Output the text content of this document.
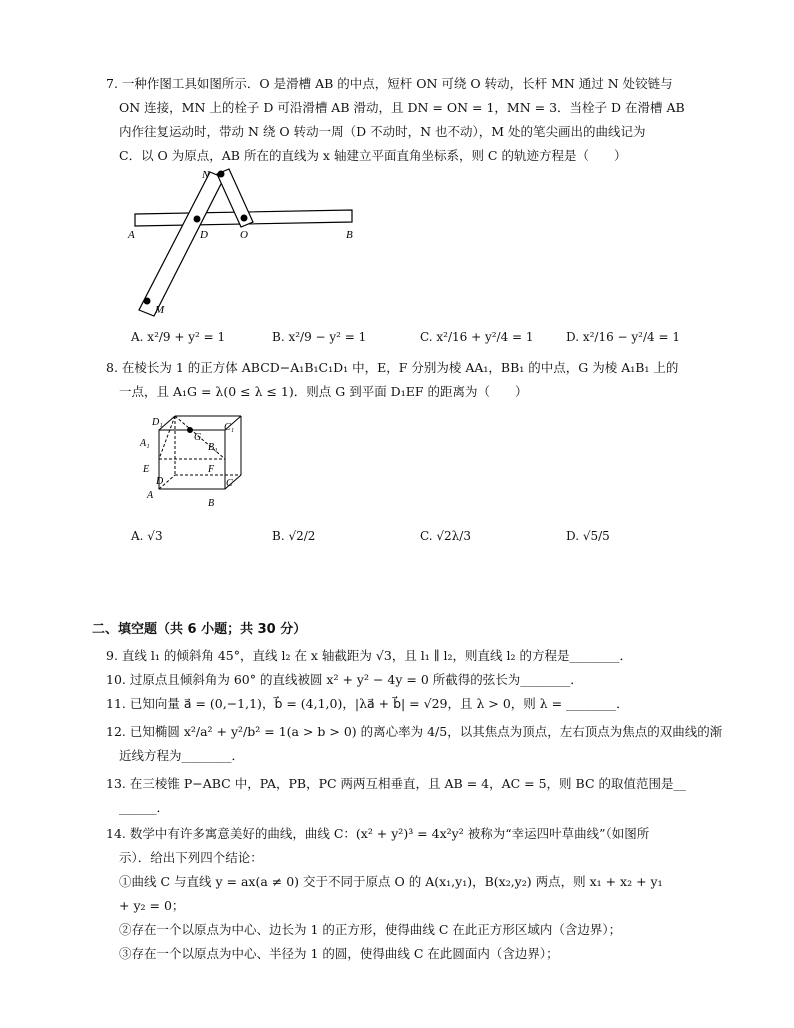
7. 一种作图工具如图所示．O 是滑槽 AB 的中点，短杆 ON 可绕 O 转动，长杆 MN 通过 N 处铰链与
ON 连接，MN 上的栓子 D 可沿滑槽 AB 滑动，且 DN = ON = 1，MN = 3．当栓子 D 在滑槽 AB
内作往复运动时，带动 N 绕 O 转动一周（D 不动时，N 也不动），M 处的笔尖画出的曲线记为
C．以 O 为原点，AB 所在的直线为 x 轴建立平面直角坐标系，则 C 的轨迹方程是（　　）
N
A	D	O	B
M
A. x²/9 + y² = 1	B. x²/9 − y² = 1	C. x²/16 + y²/4 = 1	D. x²/16 − y²/4 = 1
8. 在棱长为 1 的正方体 ABCD−A₁B₁C₁D₁ 中，E，F 分别为棱 AA₁，BB₁ 的中点，G 为棱 A₁B₁ 上的
一点，且 A₁G = λ(0 ≤ λ ≤ 1)．则点 G 到平面 D₁EF 的距离为（　　）
D₁
A₁
G
C₁
B₁
E	F
D
A
C
B
A. √3	B. √2/2	C. √2λ/3	D. √5/5
二、填空题（共 6 小题；共 30 分）
9. 直线 l₁ 的倾斜角 45°，直线 l₂ 在 x 轴截距为 √3，且 l₁ ∥ l₂，则直线 l₂ 的方程是________．
10. 过原点且倾斜角为 60° 的直线被圆 x² + y² − 4y = 0 所截得的弦长为________．
11. 已知向量 a⃗ = (0,−1,1)，b⃗ = (4,1,0)，|λa⃗ + b⃗| = √29，且 λ > 0，则 λ = ________．
12. 已知椭圆 x²/a² + y²/b² = 1(a > b > 0) 的离心率为 4/5，以其焦点为顶点，左右顶点为焦点的双曲线的渐
近线方程为________．
13. 在三棱锥 P−ABC 中，PA，PB，PC 两两互相垂直，且 AB = 4，AC = 5，则 BC 的取值范围是__
______．
14. 数学中有许多寓意美好的曲线，曲线 C：(x² + y²)³ = 4x²y² 被称为“幸运四叶草曲线”（如图所
示）．给出下列四个结论：
①曲线 C 与直线 y = ax(a ≠ 0) 交于不同于原点 O 的 A(x₁,y₁)，B(x₂,y₂) 两点，则 x₁ + x₂ + y₁
+ y₂ = 0；
②存在一个以原点为中心、边长为 1 的正方形，使得曲线 C 在此正方形区域内（含边界）；
③存在一个以原点为中心、半径为 1 的圆，使得曲线 C 在此圆面内（含边界）；
